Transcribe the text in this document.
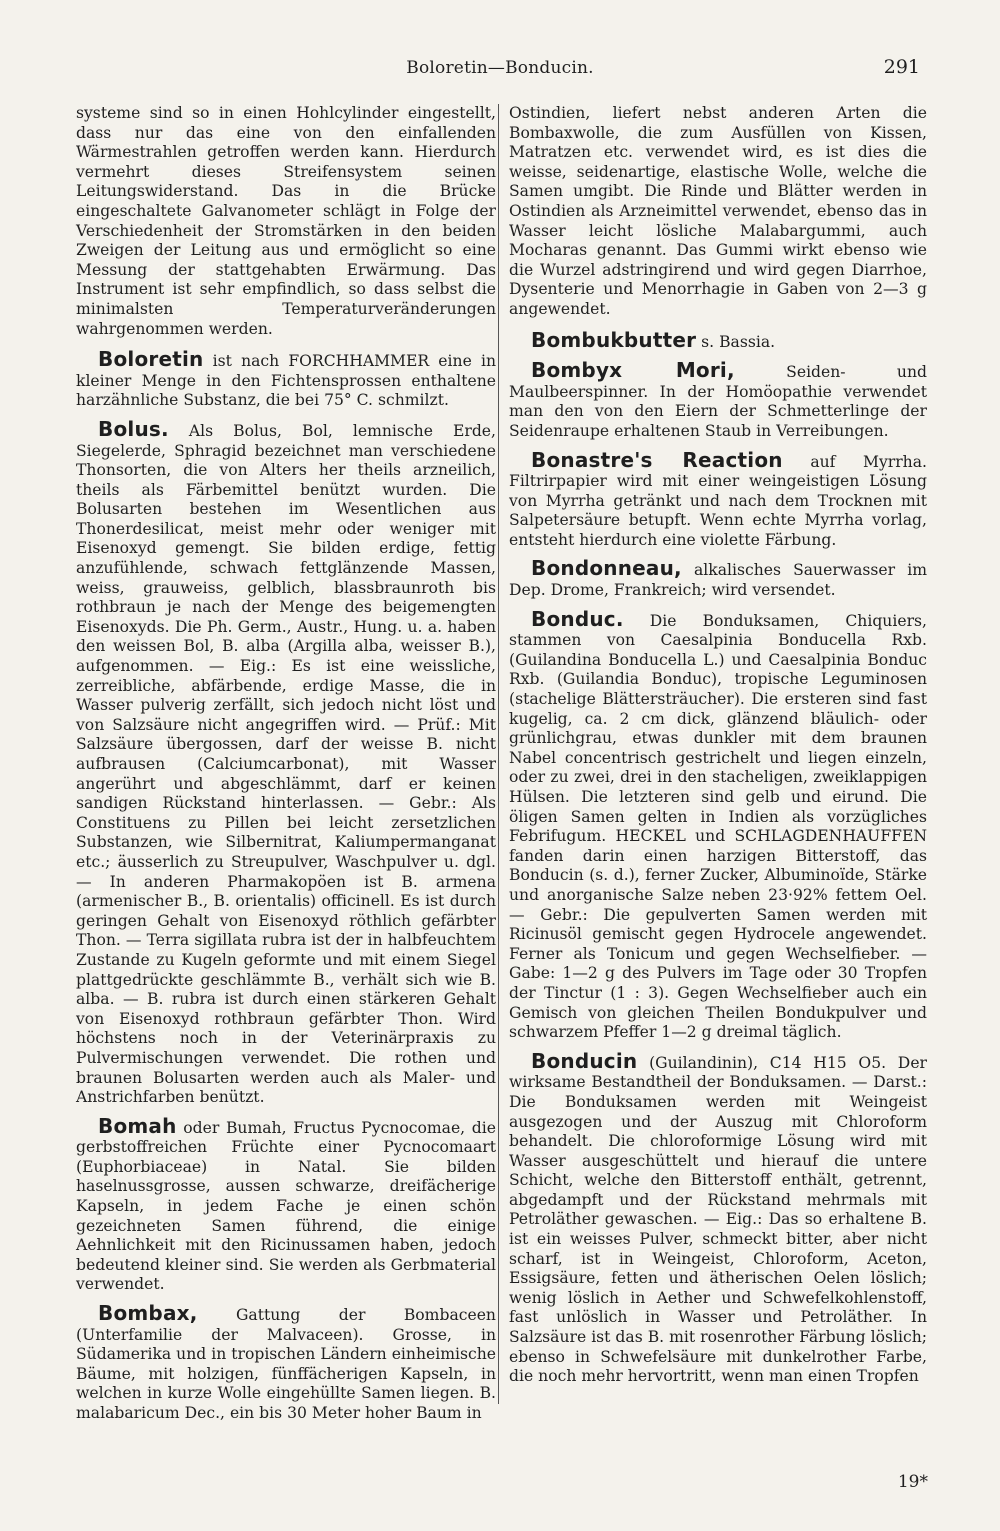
Boloretin—Bonducin.	291

systeme sind so in einen Hohlcylinder eingestellt, dass nur das eine von den einfallenden Wärmestrahlen getroffen werden kann. Hierdurch vermehrt dieses Streifensystem seinen Leitungswiderstand. Das in die Brücke eingeschaltete Galvanometer schlägt in Folge der Verschiedenheit der Stromstärken in den beiden Zweigen der Leitung aus und ermöglicht so eine Messung der stattgehabten Erwärmung. Das Instrument ist sehr empfindlich, so dass selbst die minimalsten Temperaturveränderungen wahrgenommen werden.

Boloretin ist nach FORCHHAMMER eine in kleiner Menge in den Fichtensprossen enthaltene harzähnliche Substanz, die bei 75° C. schmilzt.

Bolus. Als Bolus, Bol, lemnische Erde, Siegelerde, Sphragid bezeichnet man verschiedene Thonsorten, die von Alters her theils arzneilich, theils als Färbemittel benützt wurden. Die Bolusarten bestehen im Wesentlichen aus Thonerdesilicat, meist mehr oder weniger mit Eisenoxyd gemengt. Sie bilden erdige, fettig anzufühlende, schwach fettglänzende Massen, weiss, grauweiss, gelblich, blassbraunroth bis rothbraun je nach der Menge des beigemengten Eisenoxyds. Die Ph. Germ., Austr., Hung. u. a. haben den weissen Bol, B. alba (Argilla alba, weisser B.), aufgenommen. — Eig.: Es ist eine weissliche, zerreibliche, abfärbende, erdige Masse, die in Wasser pulverig zerfällt, sich jedoch nicht löst und von Salzsäure nicht angegriffen wird. — Prüf.: Mit Salzsäure übergossen, darf der weisse B. nicht aufbrausen (Calciumcarbonat), mit Wasser angerührt und abgeschlämmt, darf er keinen sandigen Rückstand hinterlassen. — Gebr.: Als Constituens zu Pillen bei leicht zersetzlichen Substanzen, wie Silbernitrat, Kaliumpermanganat etc.; äusserlich zu Streupulver, Waschpulver u. dgl. — In anderen Pharmakopöen ist B. armena (armenischer B., B. orientalis) officinell. Es ist durch geringen Gehalt von Eisenoxyd röthlich gefärbter Thon. — Terra sigillata rubra ist der in halbfeuchtem Zustande zu Kugeln geformte und mit einem Siegel plattgedrückte geschlämmte B., verhält sich wie B. alba. — B. rubra ist durch einen stärkeren Gehalt von Eisenoxyd rothbraun gefärbter Thon. Wird höchstens noch in der Veterinärpraxis zu Pulvermischungen verwendet. Die rothen und braunen Bolusarten werden auch als Maler- und Anstrichfarben benützt.

Bomah oder Bumah, Fructus Pycnocomae, die gerbstoffreichen Früchte einer Pycnocomaart (Euphorbiaceae) in Natal. Sie bilden haselnussgrosse, aussen schwarze, dreifächerige Kapseln, in jedem Fache je einen schön gezeichneten Samen führend, die einige Aehnlichkeit mit den Ricinussamen haben, jedoch bedeutend kleiner sind. Sie werden als Gerbmaterial verwendet.

Bombax, Gattung der Bombaceen (Unterfamilie der Malvaceen). Grosse, in Südamerika und in tropischen Ländern einheimische Bäume, mit holzigen, fünffächerigen Kapseln, in welchen in kurze Wolle eingehüllte Samen liegen. B. malabaricum Dec., ein bis 30 Meter hoher Baum in

Ostindien, liefert nebst anderen Arten die Bombaxwolle, die zum Ausfüllen von Kissen, Matratzen etc. verwendet wird, es ist dies die weisse, seidenartige, elastische Wolle, welche die Samen umgibt. Die Rinde und Blätter werden in Ostindien als Arzneimittel verwendet, ebenso das in Wasser leicht lösliche Malabargummi, auch Mocharas genannt. Das Gummi wirkt ebenso wie die Wurzel adstringirend und wird gegen Diarrhoe, Dysenterie und Menorrhagie in Gaben von 2—3 g angewendet.

Bombukbutter s. Bassia.

Bombyx Mori,	Seiden- und Maulbeerspinner. In der Homöopathie verwendet man den von den Eiern der Schmetterlinge der Seidenraupe erhaltenen Staub in Verreibungen.

Bonastre's Reaction auf Myrrha. Filtrirpapier wird mit einer weingeistigen Lösung von Myrrha getränkt und nach dem Trocknen mit Salpetersäure betupft. Wenn echte Myrrha vorlag, entsteht hierdurch eine violette Färbung.

Bondonneau, alkalisches Sauerwasser im Dep. Drome, Frankreich; wird versendet.

Bonduc. Die Bonduksamen, Chiquiers, stammen von Caesalpinia Bonducella Rxb. (Guilandina Bonducella L.) und Caesalpinia Bonduc Rxb. (Guilandia Bonduc), tropische Leguminosen (stachelige Blättersträucher). Die ersteren sind fast kugelig, ca. 2 cm dick, glänzend bläulich- oder grünlichgrau, etwas dunkler mit dem braunen Nabel concentrisch gestrichelt und liegen einzeln, oder zu zwei, drei in den stacheligen, zweiklappigen Hülsen. Die letzteren sind gelb und eirund. Die öligen Samen gelten in Indien als vorzügliches Febrifugum. HECKEL und SCHLAGDENHAUFFEN fanden darin einen harzigen Bitterstoff, das Bonducin (s. d.), ferner Zucker, Albuminoïde, Stärke und anorganische Salze neben 23·92% fettem Oel. — Gebr.: Die gepulverten Samen werden mit Ricinusöl gemischt gegen Hydrocele angewendet. Ferner als Tonicum und gegen Wechselfieber. — Gabe: 1—2 g des Pulvers im Tage oder 30 Tropfen der Tinctur (1 : 3). Gegen Wechselfieber auch ein Gemisch von gleichen Theilen Bondukpulver und schwarzem Pfeffer 1—2 g dreimal täglich.

Bonducin (Guilandinin), C14 H15 O5. Der wirksame Bestandtheil der Bonduksamen. — Darst.: Die Bonduksamen werden mit Weingeist ausgezogen und der Auszug mit Chloroform behandelt. Die chloroformige Lösung wird mit Wasser ausgeschüttelt und hierauf die untere Schicht, welche den Bitterstoff enthält, getrennt, abgedampft und der Rückstand mehrmals mit Petroläther gewaschen. — Eig.: Das so erhaltene B. ist ein weisses Pulver, schmeckt bitter, aber nicht scharf, ist in Weingeist, Chloroform, Aceton, Essigsäure, fetten und ätherischen Oelen löslich; wenig löslich in Aether und Schwefelkohlenstoff, fast unlöslich in Wasser und Petroläther. In Salzsäure ist das B. mit rosenrother Färbung löslich; ebenso in Schwefelsäure mit dunkelrother Farbe, die noch mehr hervortritt, wenn man einen Tropfen

19*
